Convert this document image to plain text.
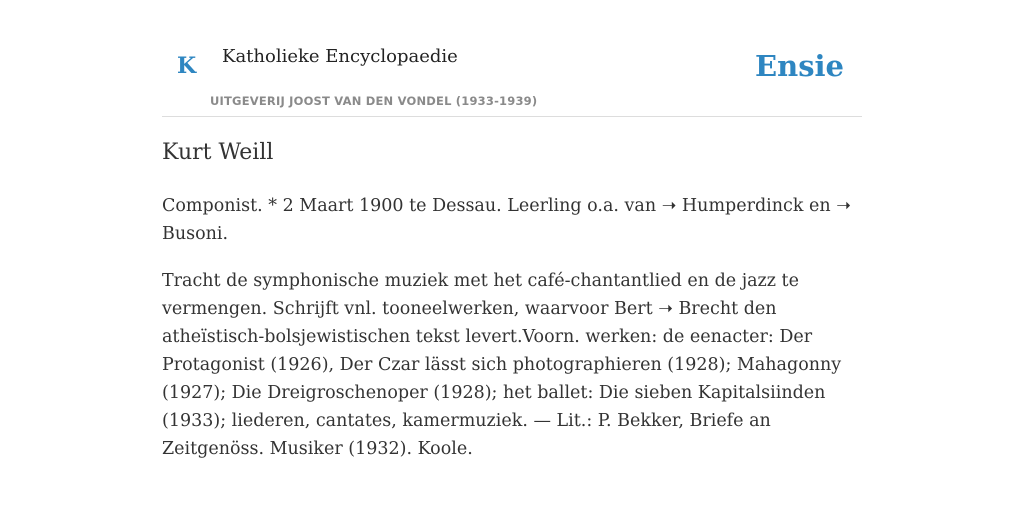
K Katholieke Encyclopaedie
UITGEVERIJ JOOST VAN DEN VONDEL (1933-1939)
Ensie
Kurt Weill

Componist. * 2 Maart 1900 te Dessau. Leerling o.a. van ➝ Humperdinck en ➝ Busoni.

Tracht de symphonische muziek met het café-chantantlied en de jazz te vermengen. Schrijft vnl. tooneelwerken, waarvoor Bert ➝ Brecht den atheïstisch-bolsjewistischen tekst levert.Voorn. werken: de eenacter: Der Protagonist (1926), Der Czar lässt sich photographieren (1928); Mahagonny (1927); Die Dreigroschenoper (1928); het ballet: Die sieben Kapitalsiinden (1933); liederen, cantates, kamermuziek. — Lit.: P. Bekker, Briefe an Zeitgenöss. Musiker (1932). Koole.
